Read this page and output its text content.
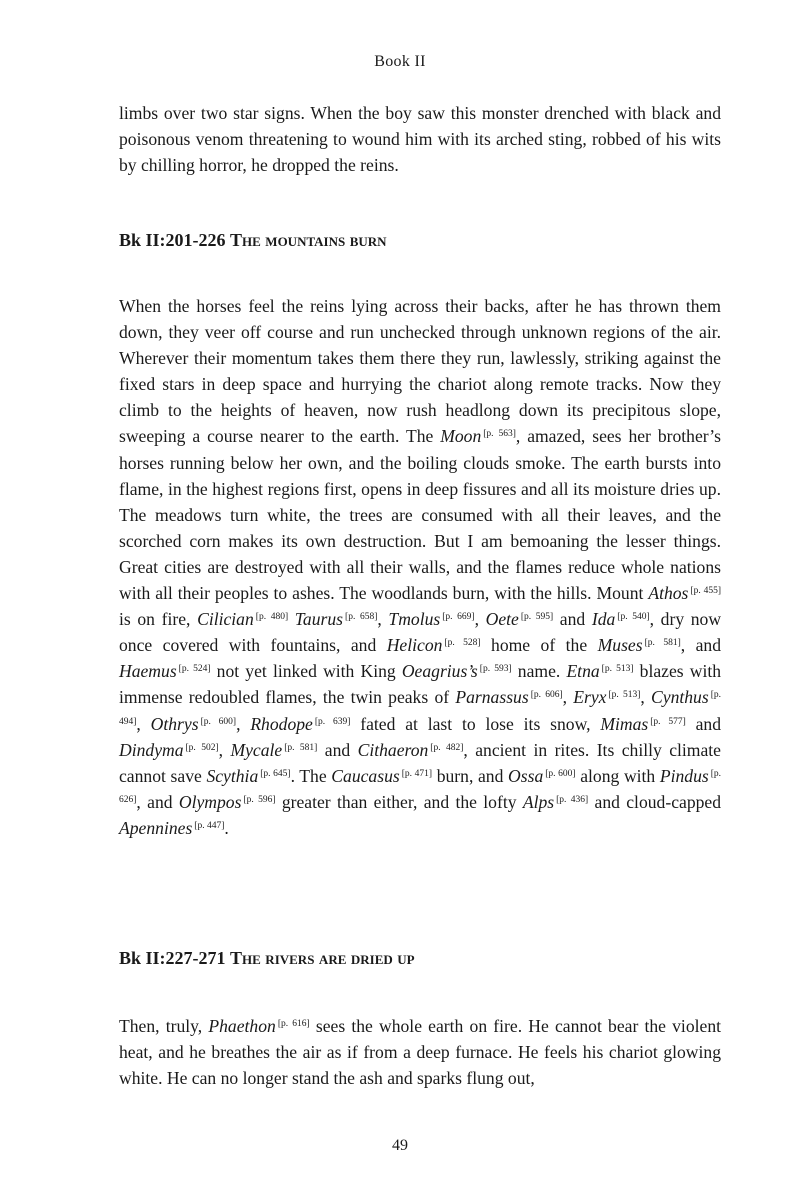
Book II

limbs over two star signs. When the boy saw this monster drenched with black and poisonous venom threatening to wound him with its arched sting, robbed of his wits by chilling horror, he dropped the reins.

Bk II:201-226 The mountains burn

When the horses feel the reins lying across their backs, after he has thrown them down, they veer off course and run unchecked through unknown regions of the air. Wherever their momentum takes them there they run, lawlessly, striking against the fixed stars in deep space and hurrying the chariot along remote tracks. Now they climb to the heights of heaven, now rush headlong down its precipitous slope, sweeping a course nearer to the earth. The Moon [p. 563], amazed, sees her brother’s horses running below her own, and the boiling clouds smoke. The earth bursts into flame, in the highest regions first, opens in deep fissures and all its moisture dries up. The meadows turn white, the trees are consumed with all their leaves, and the scorched corn makes its own destruction. But I am bemoaning the lesser things. Great cities are destroyed with all their walls, and the flames reduce whole nations with all their peoples to ashes. The woodlands burn, with the hills. Mount Athos [p. 455] is on fire, Cilician [p. 480] Taurus [p. 658], Tmolus [p. 669], Oete [p. 595] and Ida [p. 540], dry now once covered with fountains, and Helicon [p. 528] home of the Muses [p. 581], and Haemus [p. 524] not yet linked with King Oeagrius’s [p. 593] name. Etna [p. 513] blazes with immense redoubled flames, the twin peaks of Parnassus [p. 606], Eryx [p. 513], Cynthus [p. 494], Othrys [p. 600], Rhodope [p. 639] fated at last to lose its snow, Mimas [p. 577] and Dindyma [p. 502], Mycale [p. 581] and Cithaeron [p. 482], ancient in rites. Its chilly climate cannot save Scythia [p. 645]. The Caucasus [p. 471] burn, and Ossa [p. 600] along with Pindus [p. 626], and Olympos [p. 596] greater than either, and the lofty Alps [p. 436] and cloud-capped Apennines [p. 447].

Bk II:227-271 The rivers are dried up

Then, truly, Phaethon [p. 616] sees the whole earth on fire. He cannot bear the violent heat, and he breathes the air as if from a deep furnace. He feels his chariot glowing white. He can no longer stand the ash and sparks flung out,

49
